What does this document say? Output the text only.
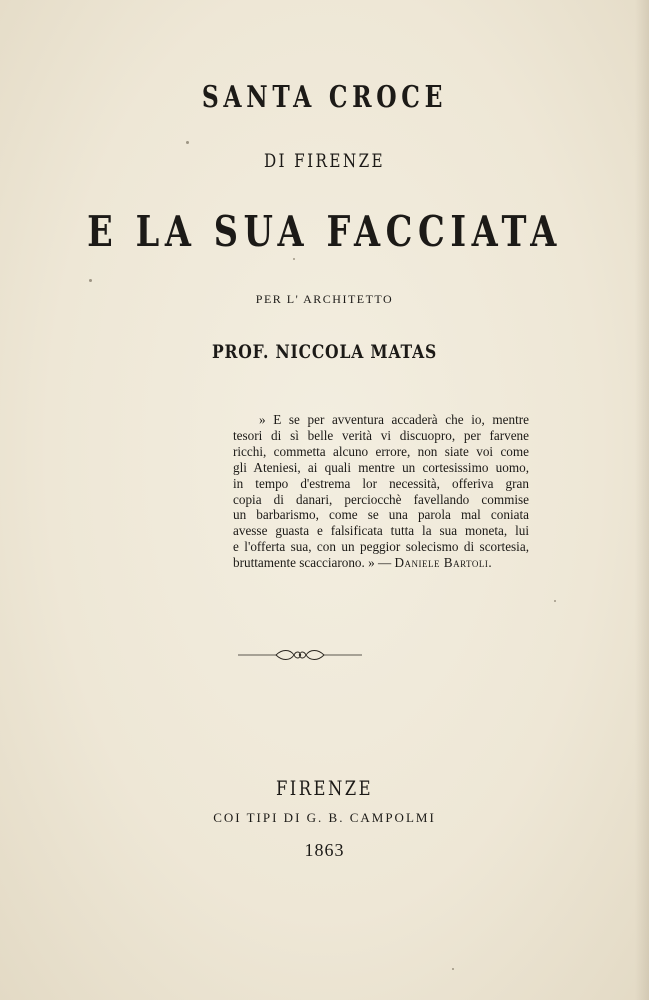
SANTA CROCE
DI FIRENZE
E LA SUA FACCIATA
PER L' ARCHITETTO
PROF. NICCOLA MATAS
» E se per avventura accaderà che io, mentre
tesori di sì belle verità vi discuopro, per farvene
ricchi, commetta alcuno errore, non siate voi come
gli Ateniesi, ai quali mentre un cortesissimo uomo,
in tempo d'estrema lor necessità, offeriva gran
copia di danari, perciocchè favellando commise
un barbarismo, come se una parola mal coniata
avesse guasta e falsificata tutta la sua moneta, lui
e l'offerta sua, con un peggior solecismo di scortesia,
bruttamente scacciarono. » — Daniele Bartoli.
FIRENZE
COI TIPI DI G. B. CAMPOLMI
1863
